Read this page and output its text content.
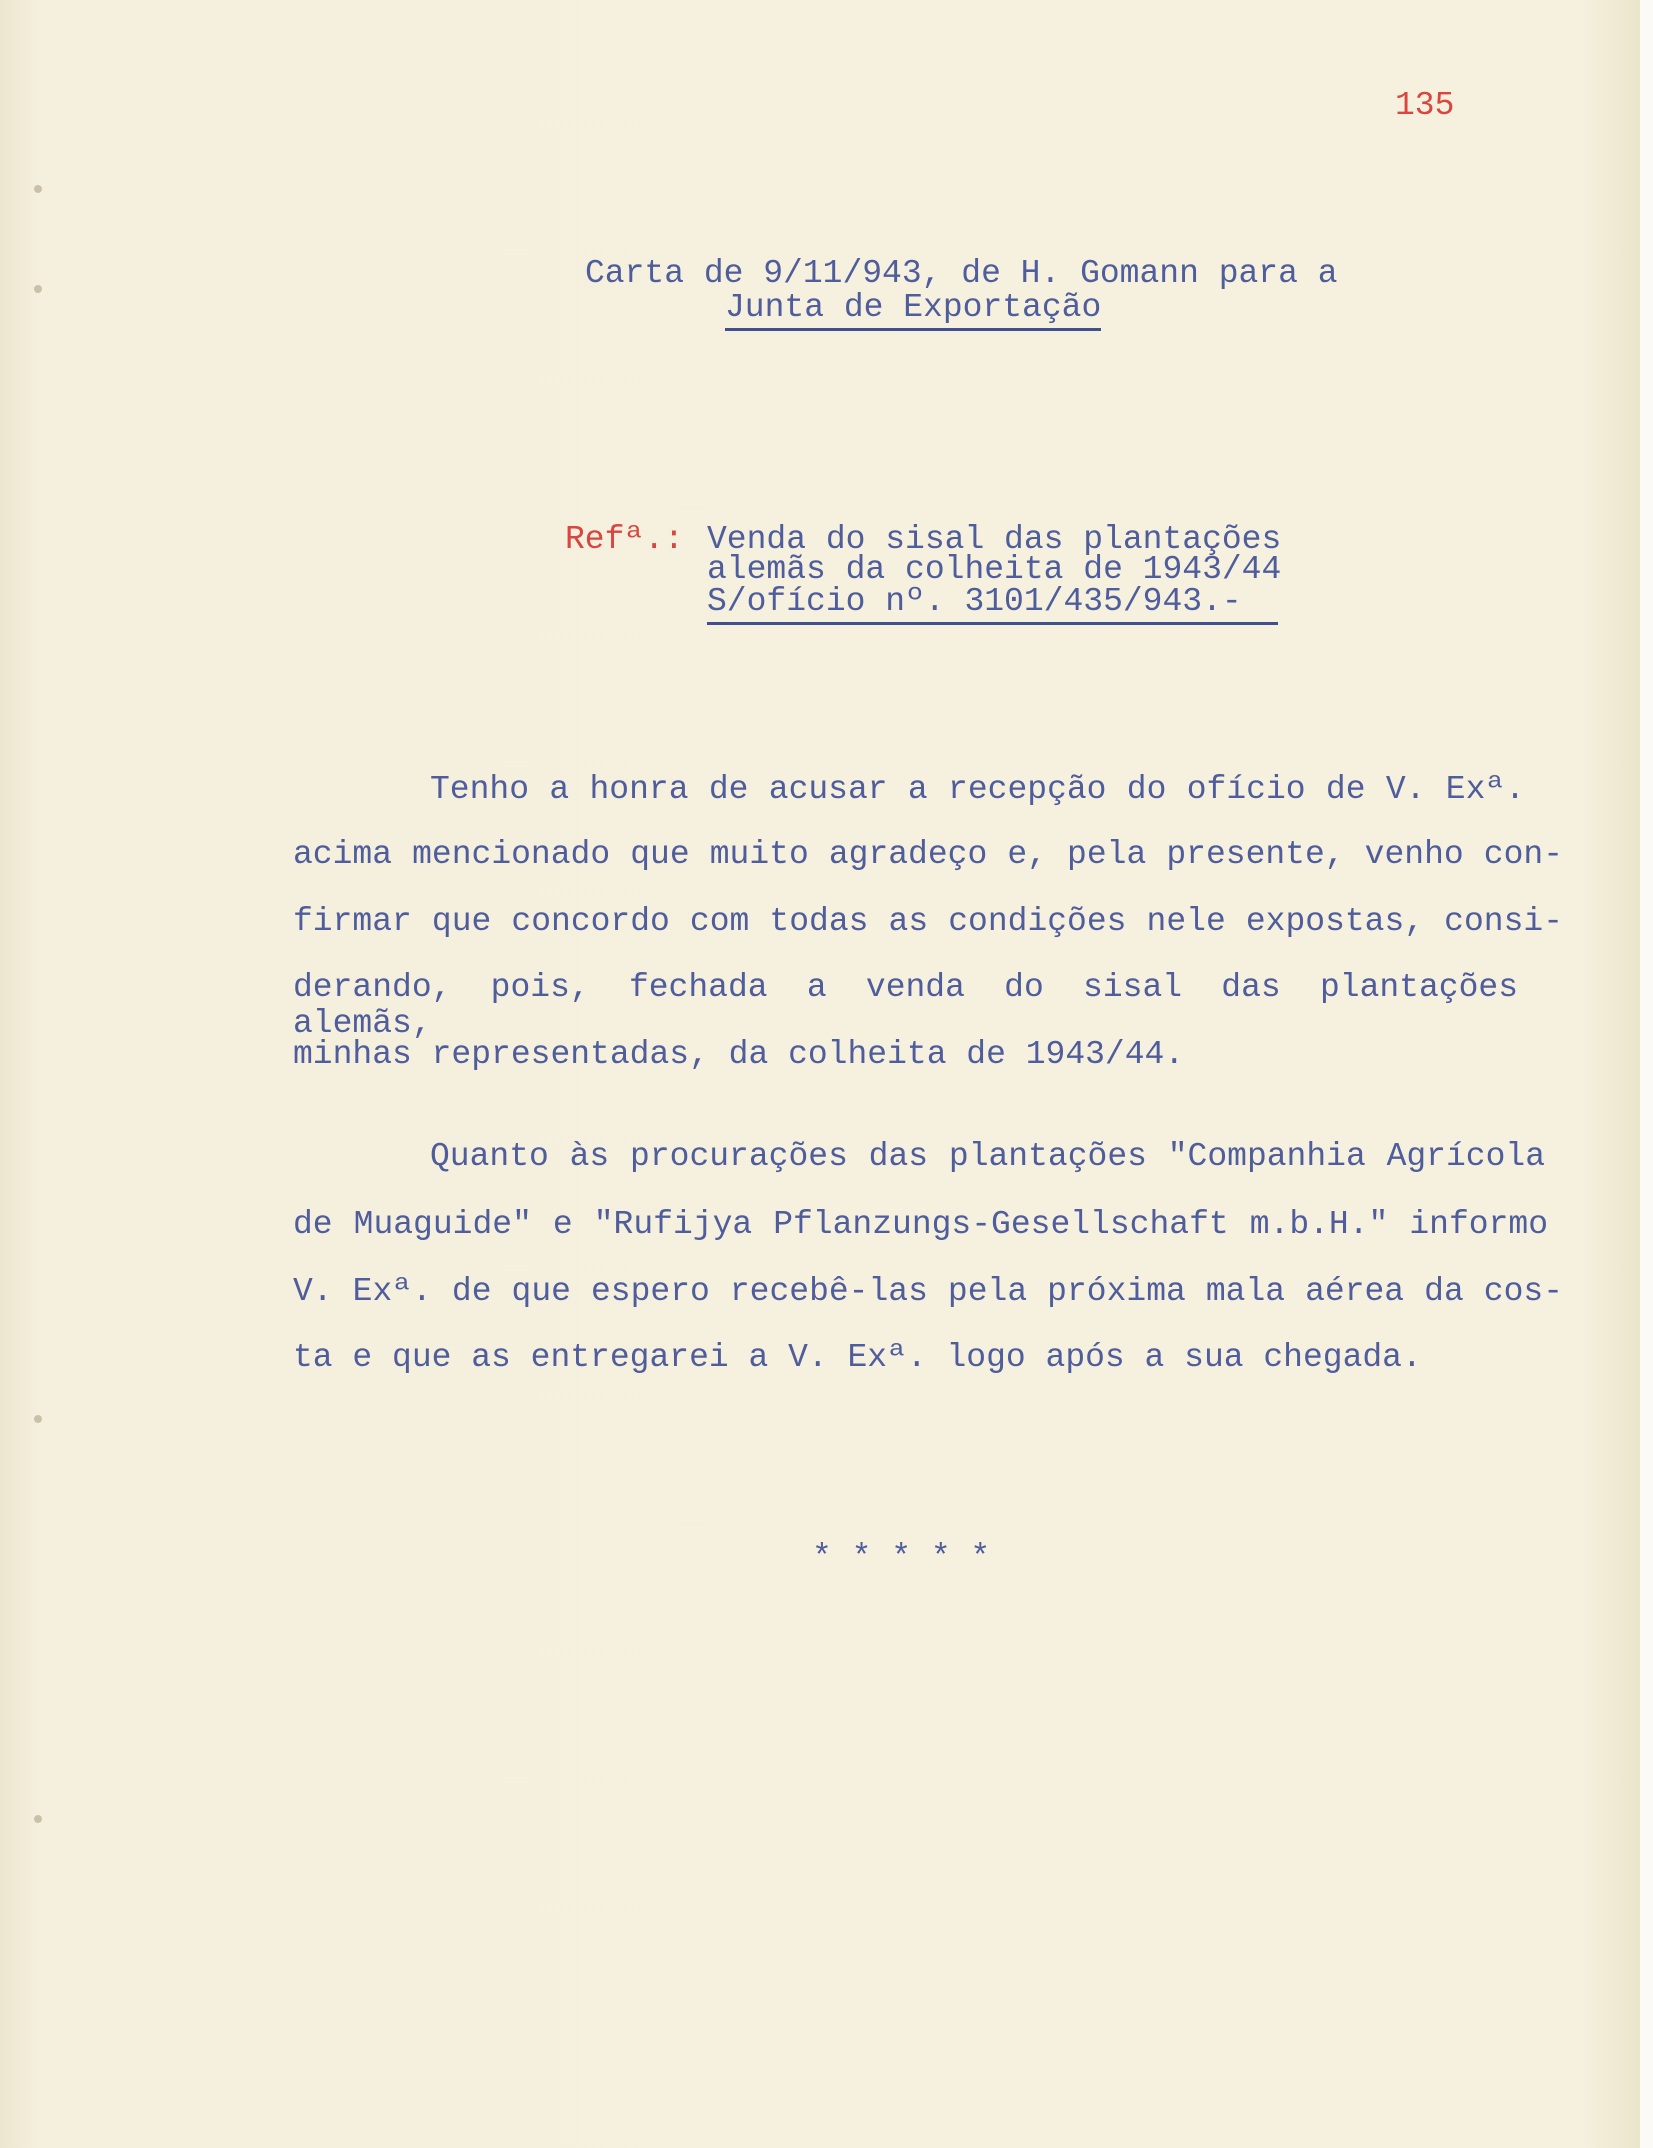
135
Carta de 9/11/943, de H. Gomann para a
Junta de Exportação
Refª.: Venda do sisal das plantações
alemãs da colheita de 1943/44
S/ofício nº. 3101/435/943.-
Tenho a honra de acusar a recepção do ofício de V. Exª.
acima mencionado que muito agradeço e, pela presente, venho con-
firmar que concordo com todas as condições nele expostas, consi-
derando, pois, fechada a venda do sisal das plantações alemãs,
minhas representadas, da colheita de 1943/44.
Quanto às procurações das plantações "Companhia Agrícola
de Muaguide" e "Rufijya Pflanzungs-Gesellschaft m.b.H." informo
V. Exª. de que espero recebê-las pela próxima mala aérea da cos-
ta e que as entregarei a V. Exª. logo após a sua chegada.
* * * * *
